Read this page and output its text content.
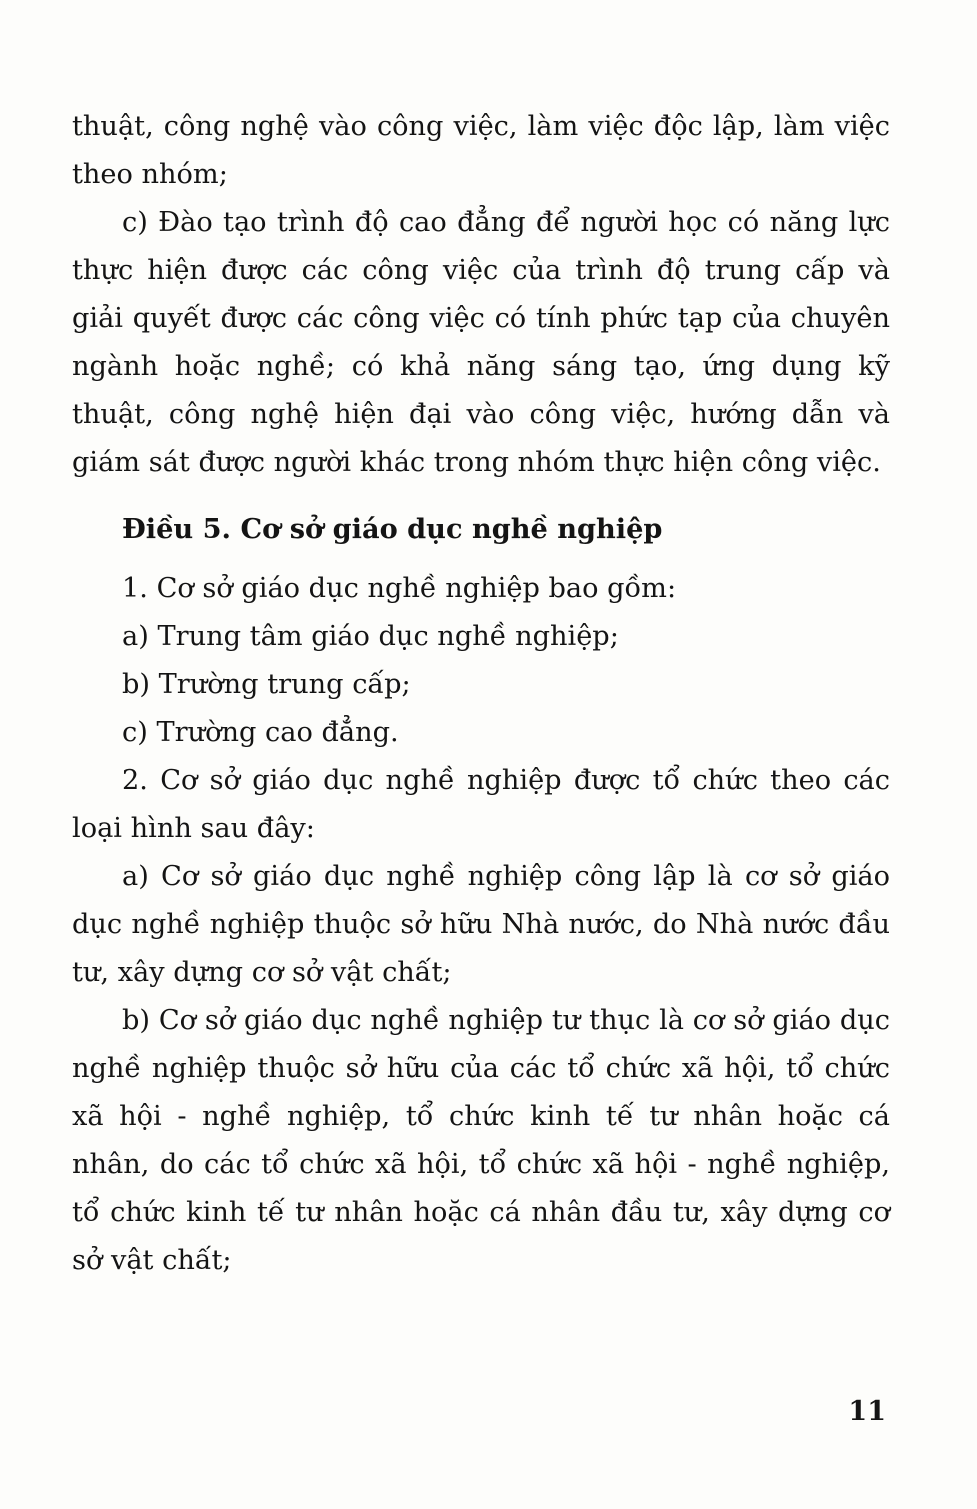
thuật, công nghệ vào công việc, làm việc độc lập, làm việc theo nhóm;

c) Đào tạo trình độ cao đẳng để người học có năng lực thực hiện được các công việc của trình độ trung cấp và giải quyết được các công việc có tính phức tạp của chuyên ngành hoặc nghề; có khả năng sáng tạo, ứng dụng kỹ thuật, công nghệ hiện đại vào công việc, hướng dẫn và giám sát được người khác trong nhóm thực hiện công việc.

Điều 5. Cơ sở giáo dục nghề nghiệp

1. Cơ sở giáo dục nghề nghiệp bao gồm:

a) Trung tâm giáo dục nghề nghiệp;

b) Trường trung cấp;

c) Trường cao đẳng.

2. Cơ sở giáo dục nghề nghiệp được tổ chức theo các loại hình sau đây:

a) Cơ sở giáo dục nghề nghiệp công lập là cơ sở giáo dục nghề nghiệp thuộc sở hữu Nhà nước, do Nhà nước đầu tư, xây dựng cơ sở vật chất;

b) Cơ sở giáo dục nghề nghiệp tư thục là cơ sở giáo dục nghề nghiệp thuộc sở hữu của các tổ chức xã hội, tổ chức xã hội - nghề nghiệp, tổ chức kinh tế tư nhân hoặc cá nhân, do các tổ chức xã hội, tổ chức xã hội - nghề nghiệp, tổ chức kinh tế tư nhân hoặc cá nhân đầu tư, xây dựng cơ sở vật chất;

11
